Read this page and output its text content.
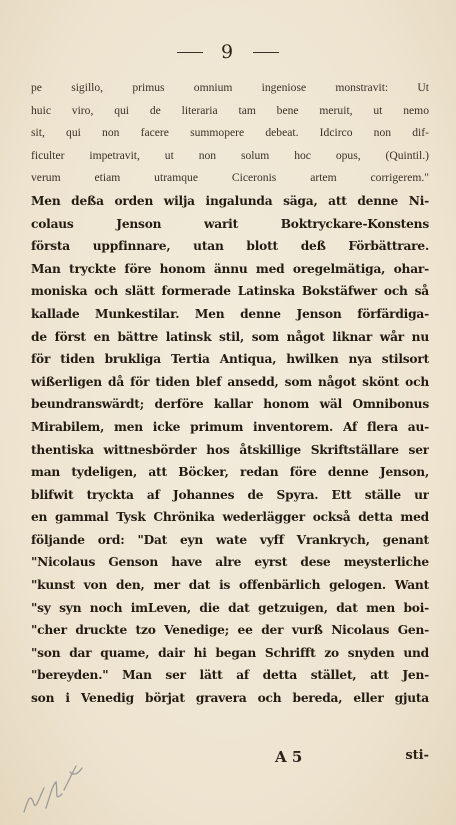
9
pe sigillo, primus omnium ingeniose monstravit: Ut
huic viro, qui de literaria tam bene meruit, ut nemo
sit, qui non facere summopere debeat. Idcirco non dif-
ficulter impetravit, ut non solum hoc opus, (Quintil.)
verum etiam utramque Ciceronis artem corrigerem."
Men deßa orden wilja ingalunda säga, att denne Ni-
colaus Jenson warit Boktryckare-Konstens
första uppfinnare, utan blott deß Förbättrare.
Man tryckte före honom ännu med oregelmätiga, ohar-
moniska och slätt formerade Latinska Bokstäfwer och så
kallade Munkestilar. Men denne Jenson förfärdiga-
de först en bättre latinsk stil, som något liknar wår nu
för tiden brukliga Tertia Antiqua, hwilken nya stilsort
wißerligen då för tiden blef ansedd, som något skönt och
beundranswärdt; derföre kallar honom wäl Omnibonus
Mirabilem, men icke primum inventorem. Af flera au-
thentiska wittnesbörder hos åtskillige Skriftställare ser
man tydeligen, att Böcker, redan före denne Jenson,
blifwit tryckta af Johannes de Spyra. Ett ställe ur
en gammal Tysk Chrönika wederlägger också detta med
följande ord: "Dat eyn wate vyff Vrankrych, genant
"Nicolaus Genson have alre eyrst dese meysterliche
"kunst von den, mer dat is offenbärlich gelogen. Want
"sy syn noch imLeven, die dat getzuigen, dat men boi-
"cher druckte tzo Venedige; ee der vurß Nicolaus Gen-
"son dar quame, dair hi began Schrifft zo snyden und
"bereyden." Man ser lätt af detta stället, att Jen-
son i Venedig börjat gravera och bereda, eller gjuta
A 5	sti-
